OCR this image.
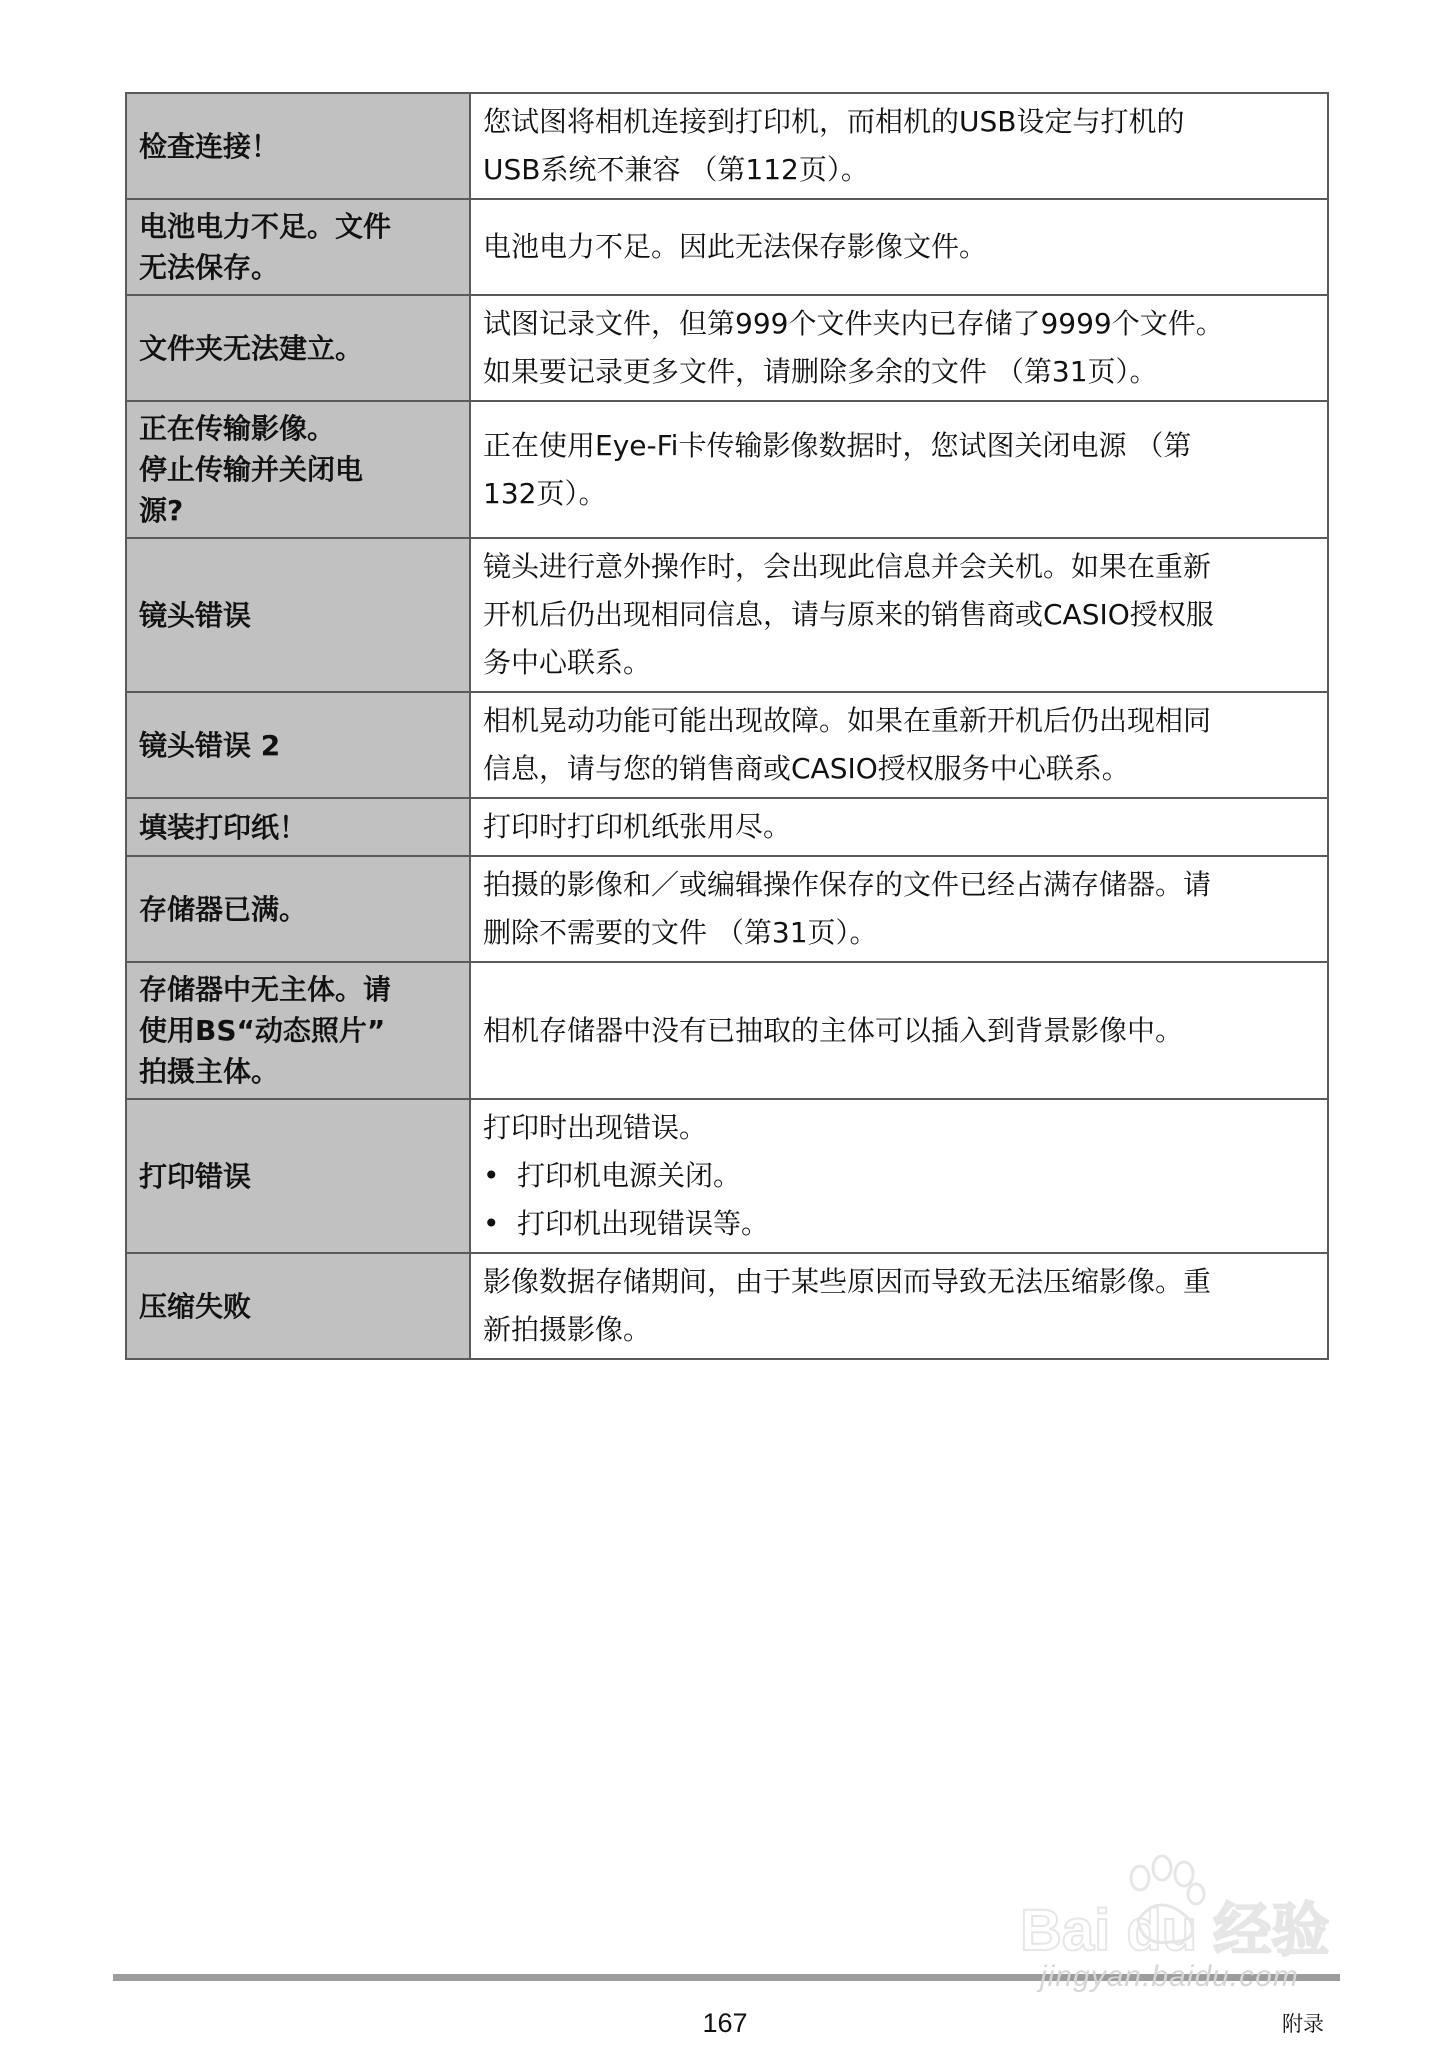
检查连接！	您试图将相机连接到打印机，而相机的USB设定与打机的
USB系统不兼容 （第112页）。

电池电力不足。文件
无法保存。	电池电力不足。因此无法保存影像文件。

文件夹无法建立。	试图记录文件，但第999个文件夹内已存储了9999个文件。
如果要记录更多文件，请删除多余的文件 （第31页）。

正在传输影像。
停止传输并关闭电
源?	正在使用Eye-Fi卡传输影像数据时，您试图关闭电源 （第
132页）。

镜头错误	镜头进行意外操作时，会出现此信息并会关机。如果在重新
开机后仍出现相同信息，请与原来的销售商或CASIO授权服
务中心联系。

镜头错误 2	相机晃动功能可能出现故障。如果在重新开机后仍出现相同
信息，请与您的销售商或CASIO授权服务中心联系。

填装打印纸！	打印时打印机纸张用尽。

存储器已满。	拍摄的影像和／或编辑操作保存的文件已经占满存储器。请
删除不需要的文件 （第31页）。

存储器中无主体。请
使用BS“动态照片”
拍摄主体。	相机存储器中没有已抽取的主体可以插入到背景影像中。

打印错误	打印时出现错误。
• 打印机电源关闭。
• 打印机出现错误等。

压缩失败	影像数据存储期间，由于某些原因而导致无法压缩影像。重
新拍摄影像。
167	附录
Bai du 经验
jingyan.baidu.com
